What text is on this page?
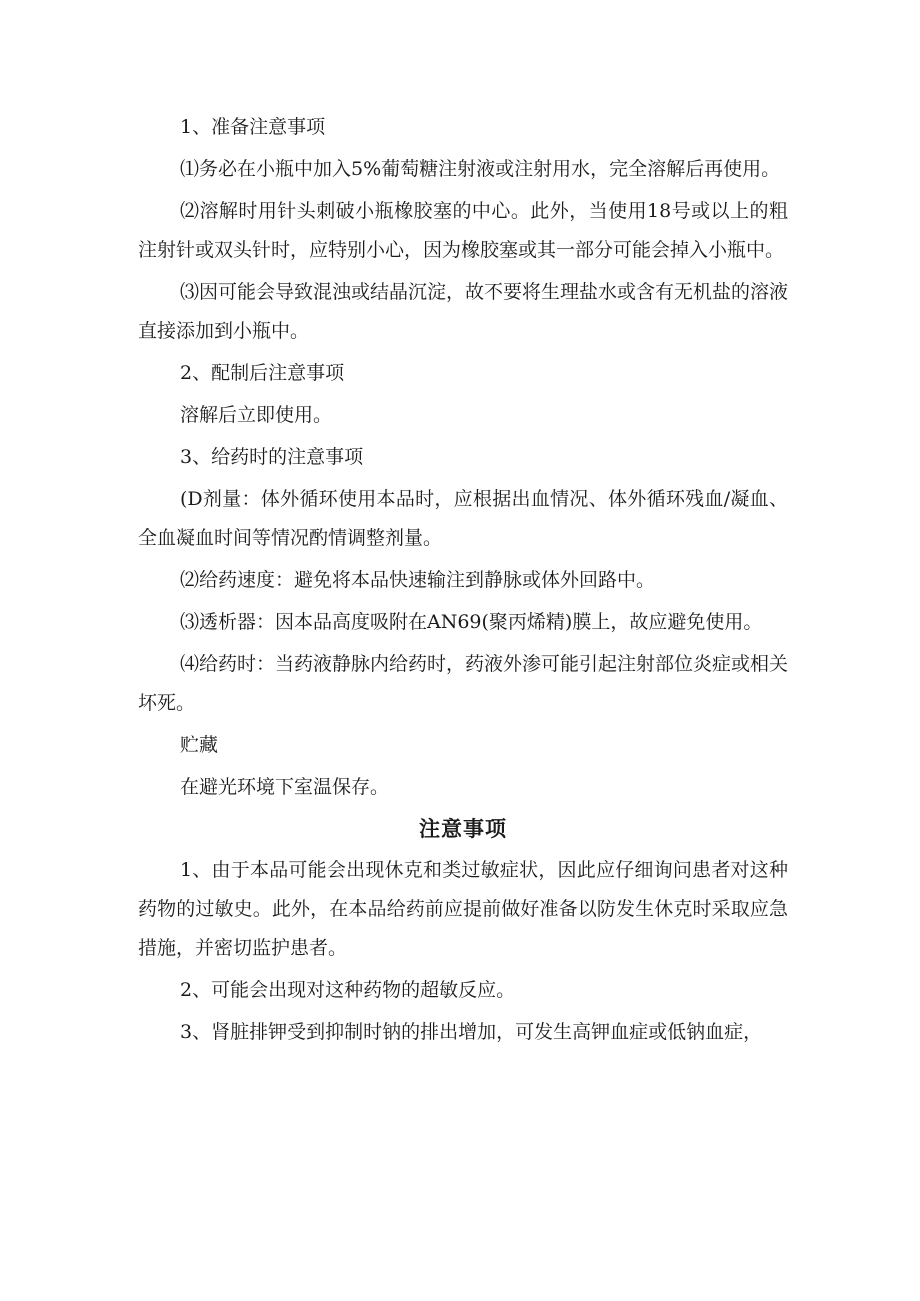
1、准备注意事项

⑴务必在小瓶中加入5%葡萄糖注射液或注射用水，完全溶解后再使用。

⑵溶解时用针头刺破小瓶橡胶塞的中心。此外，当使用18号或以上的粗注射针或双头针时，应特别小心，因为橡胶塞或其一部分可能会掉入小瓶中。

⑶因可能会导致混浊或结晶沉淀，故不要将生理盐水或含有无机盐的溶液直接添加到小瓶中。

2、配制后注意事项

溶解后立即使用。

3、给药时的注意事项

(D剂量：体外循环使用本品时，应根据出血情况、体外循环残血/凝血、全血凝血时间等情况酌情调整剂量。

⑵给药速度：避免将本品快速输注到静脉或体外回路中。

⑶透析器：因本品高度吸附在AN69(聚丙烯精)膜上，故应避免使用。

⑷给药时：当药液静脉内给药时，药液外渗可能引起注射部位炎症或相关坏死。

贮藏

在避光环境下室温保存。

注意事项

1、由于本品可能会出现休克和类过敏症状，因此应仔细询问患者对这种药物的过敏史。此外，在本品给药前应提前做好准备以防发生休克时采取应急措施，并密切监护患者。

2、可能会出现对这种药物的超敏反应。

3、肾脏排钾受到抑制时钠的排出增加，可发生高钾血症或低钠血症，
